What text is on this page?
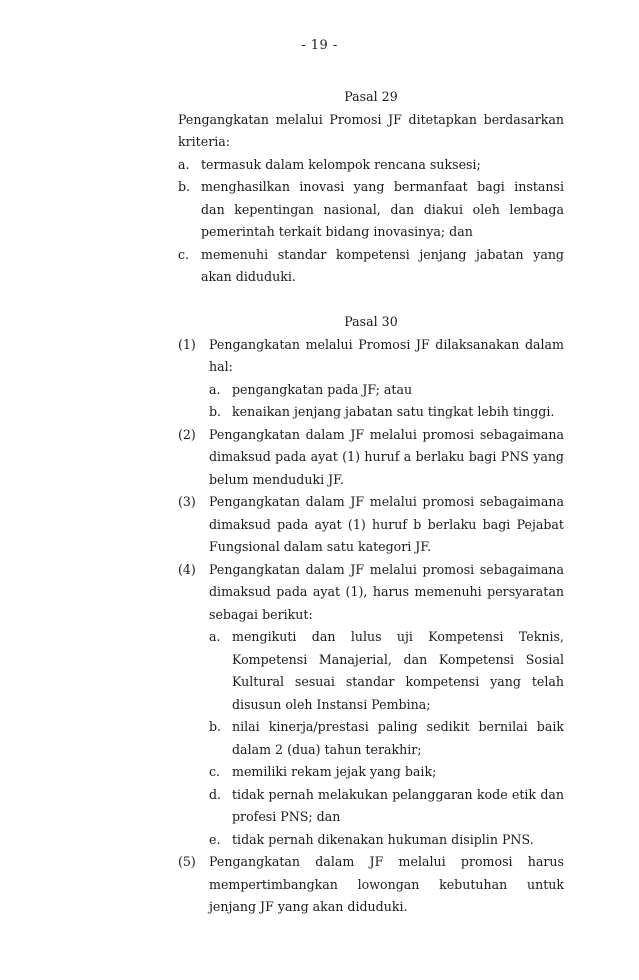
- 19 -
Pasal 29
Pengangkatan melalui Promosi JF ditetapkan berdasarkan
kriteria:
a. termasuk dalam kelompok rencana suksesi;
b. menghasilkan inovasi yang bermanfaat bagi instansi dan kepentingan nasional, dan diakui oleh lembaga pemerintah terkait bidang inovasinya; dan
c. memenuhi standar kompetensi jenjang jabatan yang akan diduduki.
Pasal 30
(1)	Pengangkatan melalui Promosi JF dilaksanakan dalam hal:
a. pengangkatan pada JF; atau
b. kenaikan jenjang jabatan satu tingkat lebih tinggi.
(2)	Pengangkatan dalam JF melalui promosi sebagaimana dimaksud pada ayat (1) huruf a berlaku bagi PNS yang belum menduduki JF.
(3)	Pengangkatan dalam JF melalui promosi sebagaimana dimaksud pada ayat (1) huruf b berlaku bagi Pejabat Fungsional dalam satu kategori JF.
(4)	Pengangkatan dalam JF melalui promosi sebagaimana dimaksud pada ayat (1), harus memenuhi persyaratan sebagai berikut:
a. mengikuti dan lulus uji Kompetensi Teknis, Kompetensi Manajerial, dan Kompetensi Sosial Kultural sesuai standar kompetensi yang telah disusun oleh Instansi Pembina;
b. nilai kinerja/prestasi paling sedikit bernilai baik dalam 2 (dua) tahun terakhir;
c. memiliki rekam jejak yang baik;
d. tidak pernah melakukan pelanggaran kode etik dan profesi PNS; dan
e. tidak pernah dikenakan hukuman disiplin PNS.
(5)	Pengangkatan dalam JF melalui promosi harus mempertimbangkan lowongan kebutuhan untuk jenjang JF yang akan diduduki.
